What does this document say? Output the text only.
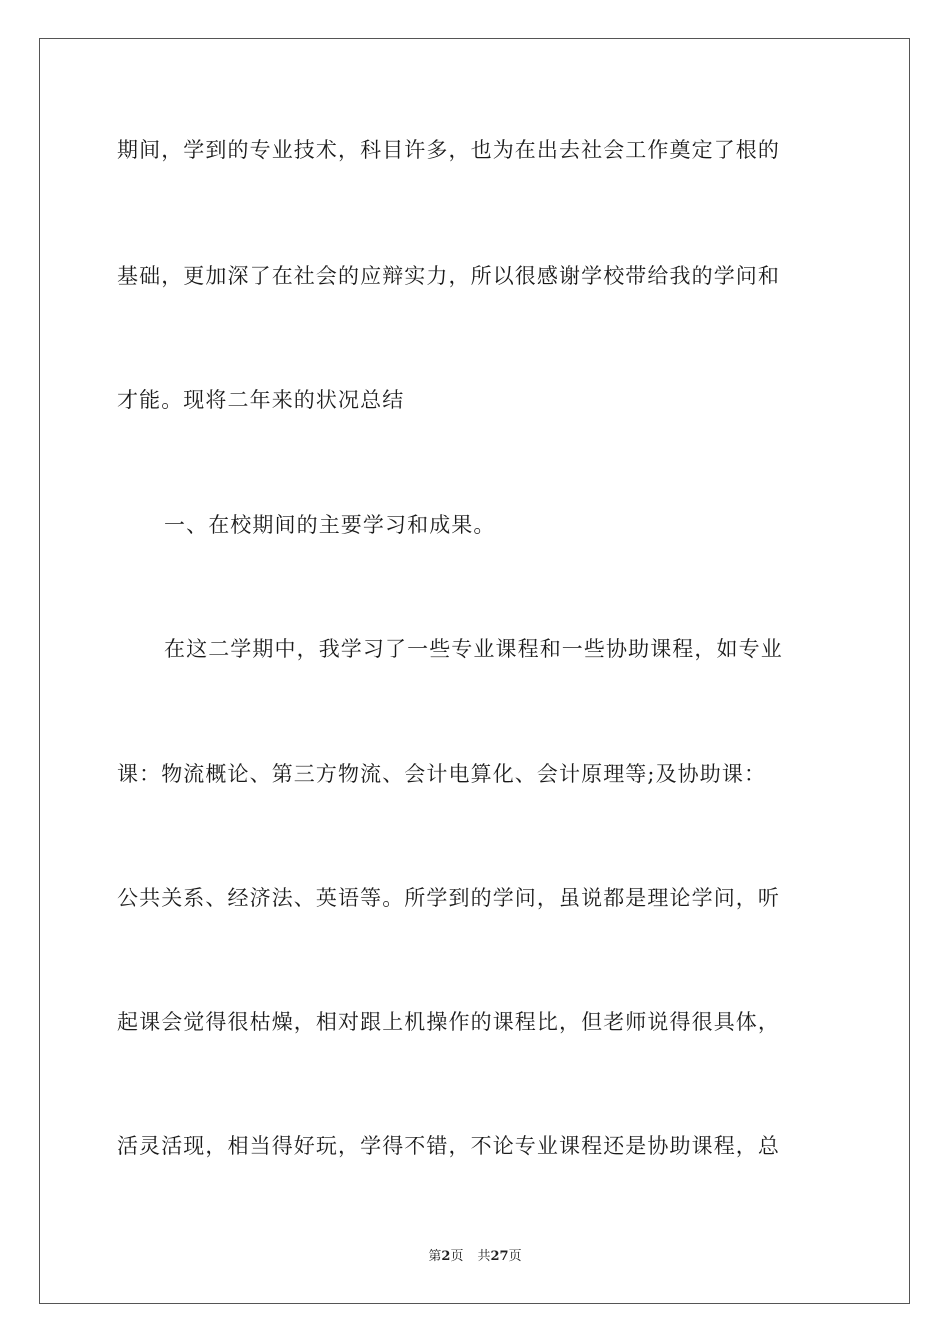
期间，学到的专业技术，科目许多，也为在出去社会工作奠定了根的
基础，更加深了在社会的应辩实力，所以很感谢学校带给我的学问和
才能。现将二年来的状况总结
一、在校期间的主要学习和成果。
在这二学期中，我学习了一些专业课程和一些协助课程，如专业
课：物流概论、第三方物流、会计电算化、会计原理等;及协助课：
公共关系、经济法、英语等。所学到的学问，虽说都是理论学问，听
起课会觉得很枯燥，相对跟上机操作的课程比，但老师说得很具体，
活灵活现，相当得好玩，学得不错，不论专业课程还是协助课程，总
第2页 共27页
